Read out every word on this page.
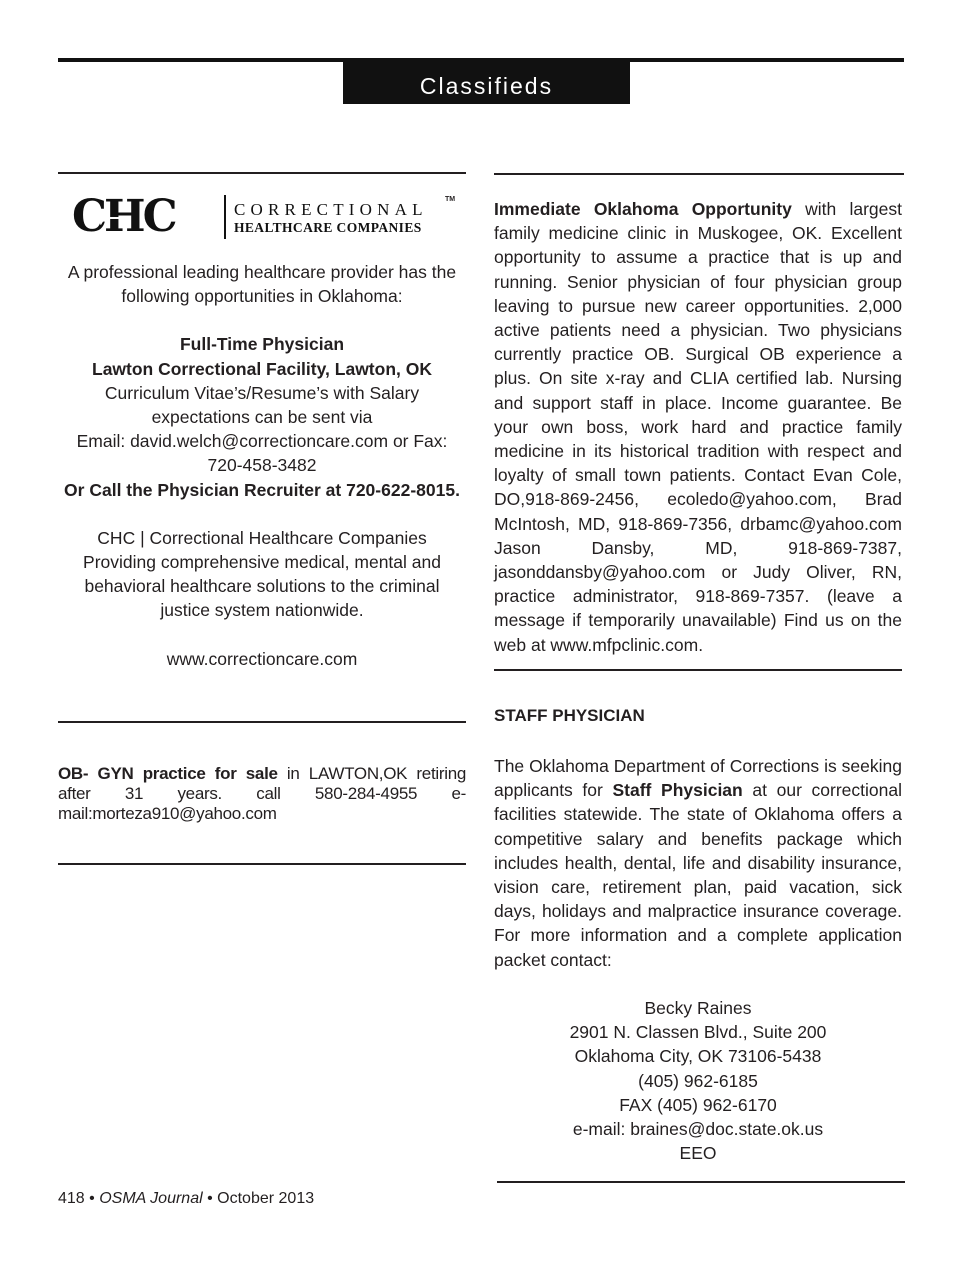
Classifieds
CHC	CORRECTIONAL
HEALTHCARE COMPANIES
TM

A professional leading healthcare provider has the

following opportunities in Oklahoma:

Full-Time Physician

Lawton Correctional Facility, Lawton, OK

Curriculum Vitae’s/Resume’s with Salary

expectations can be sent via

Email: david.welch@correctioncare.com or Fax:

720-458-3482

Or Call the Physician Recruiter at 720-622-8015.

CHC | Correctional Healthcare Companies

Providing comprehensive medical, mental and

behavioral healthcare solutions to the criminal

justice system nationwide.

www.correctioncare.com

OB- GYN practice for sale in LAWTON,OK retiring after 31 years. call 580-284-4955 e-mail:morteza910@yahoo.com

Immediate Oklahoma Opportunity with largest family medicine clinic in Muskogee, OK. Excellent opportunity to assume a practice that is up and running. Senior physician of four physician group leaving to pursue new career opportunities. 2,000 active patients need a physician. Two physicians currently practice OB. Surgical OB experience a plus. On site x-ray and CLIA certified lab. Nursing and support staff in place. Income guarantee. Be your own boss, work hard and practice family medicine in its historical tradition with respect and loyalty of small town patients. Contact Evan Cole, DO,918-869-2456, ecoledo@yahoo.com, Brad McIntosh, MD, 918-869-7356, drbamc@yahoo.com Jason Dansby, MD, 918-869-7387, jasonddansby@yahoo.com or Judy Oliver, RN, practice administrator, 918-869-7357. (leave a message if temporarily unavailable) Find us on the web at www.mfpclinic.com.

STAFF PHYSICIAN

The Oklahoma Department of Corrections is seeking applicants for Staff Physician at our correctional facilities statewide. The state of Oklahoma offers a competitive salary and benefits package which includes health, dental, life and disability insurance, vision care, retirement plan, paid vacation, sick days, holidays and malpractice insurance coverage. For more information and a complete application packet contact:

Becky Raines

2901 N. Classen Blvd., Suite 200

Oklahoma City, OK 73106-5438

(405) 962-6185

FAX (405) 962-6170

e-mail: braines@doc.state.ok.us

EEO

418 • OSMA Journal • October 2013
